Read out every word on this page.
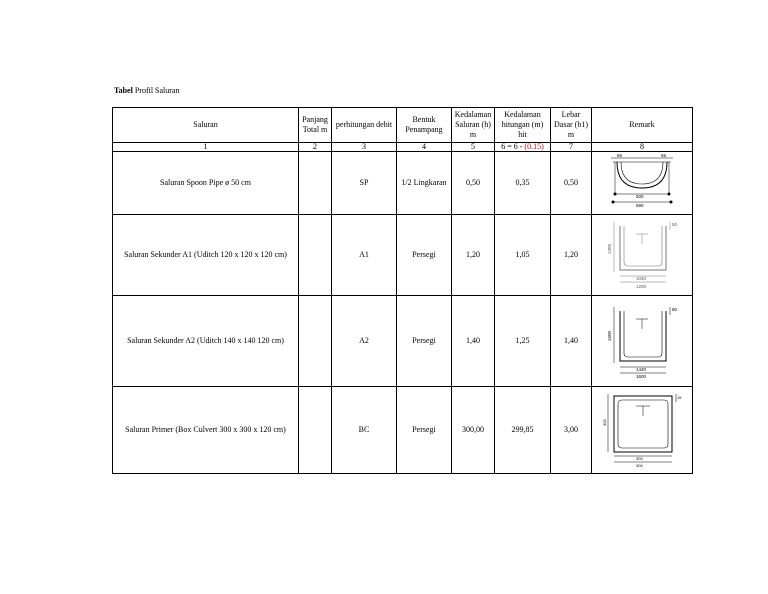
Tabel Profil Saluran
Saluran	Panjang Total m	perhitungan debit	Bentuk Penampang	Kedalaman Saluran (h) m	Kedalaman hitungan (m) hit	Lebar Dasar (b1) m	Remark
1	2	3	4	5	6 = 6 - (0.15)	7	8
Saluran Spoon Pipe ø 50 cm		SP	1/2 Lingkaran	0,50	0,35	0,50	65 65
500
590

Saluran Sekunder A1 (Uditch 120 x 120 x 120 cm)		A1	Persegi	1,20	1,05	1,20	1200
50
1040
1200

Saluran Sekunder A2 (Uditch 140 x 140 120 cm)		A2	Persegi	1,40	1,25	1,40	1600
80
1440
1600

Saluran Primer (Box Culvert 300 x 300 x 120 cm)		BC	Persegi	300,00	299,85	3,00	300
15
300
300
